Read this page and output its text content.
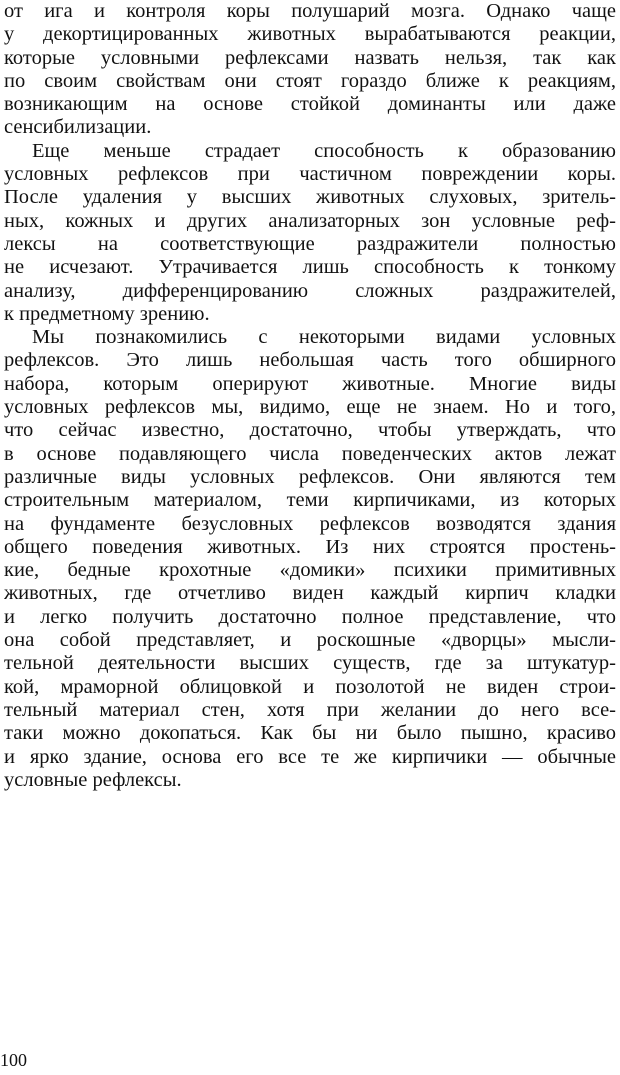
от ига и контроля коры полушарий мозга. Однако чаще
у декортицированных животных вырабатываются реакции,
которые условными рефлексами назвать нельзя, так как
по своим свойствам они стоят гораздо ближе к реакциям,
возникающим на основе стойкой доминанты или даже
сенсибилизации.
Еще меньше страдает способность к образованию
условных рефлексов при частичном повреждении коры.
После удаления у высших животных слуховых, зритель-
ных, кожных и других анализаторных зон условные реф-
лексы на соответствующие раздражители полностью
не исчезают. Утрачивается лишь способность к тонкому
анализу, дифференцированию сложных раздражителей,
к предметному зрению.
Мы познакомились с некоторыми видами условных
рефлексов. Это лишь небольшая часть того обширного
набора, которым оперируют животные. Многие виды
условных рефлексов мы, видимо, еще не знаем. Но и того,
что сейчас известно, достаточно, чтобы утверждать, что
в основе подавляющего числа поведенческих актов лежат
различные виды условных рефлексов. Они являются тем
строительным материалом, теми кирпичиками, из которых
на фундаменте безусловных рефлексов возводятся здания
общего поведения животных. Из них строятся простень-
кие, бедные крохотные «домики» психики примитивных
животных, где отчетливо виден каждый кирпич кладки
и легко получить достаточно полное представление, что
она собой представляет, и роскошные «дворцы» мысли-
тельной деятельности высших существ, где за штукатур-
кой, мраморной облицовкой и позолотой не виден строи-
тельный материал стен, хотя при желании до него все-
таки можно докопаться. Как бы ни было пышно, красиво
и ярко здание, основа его все те же кирпичики — обычные
условные рефлексы.
100
